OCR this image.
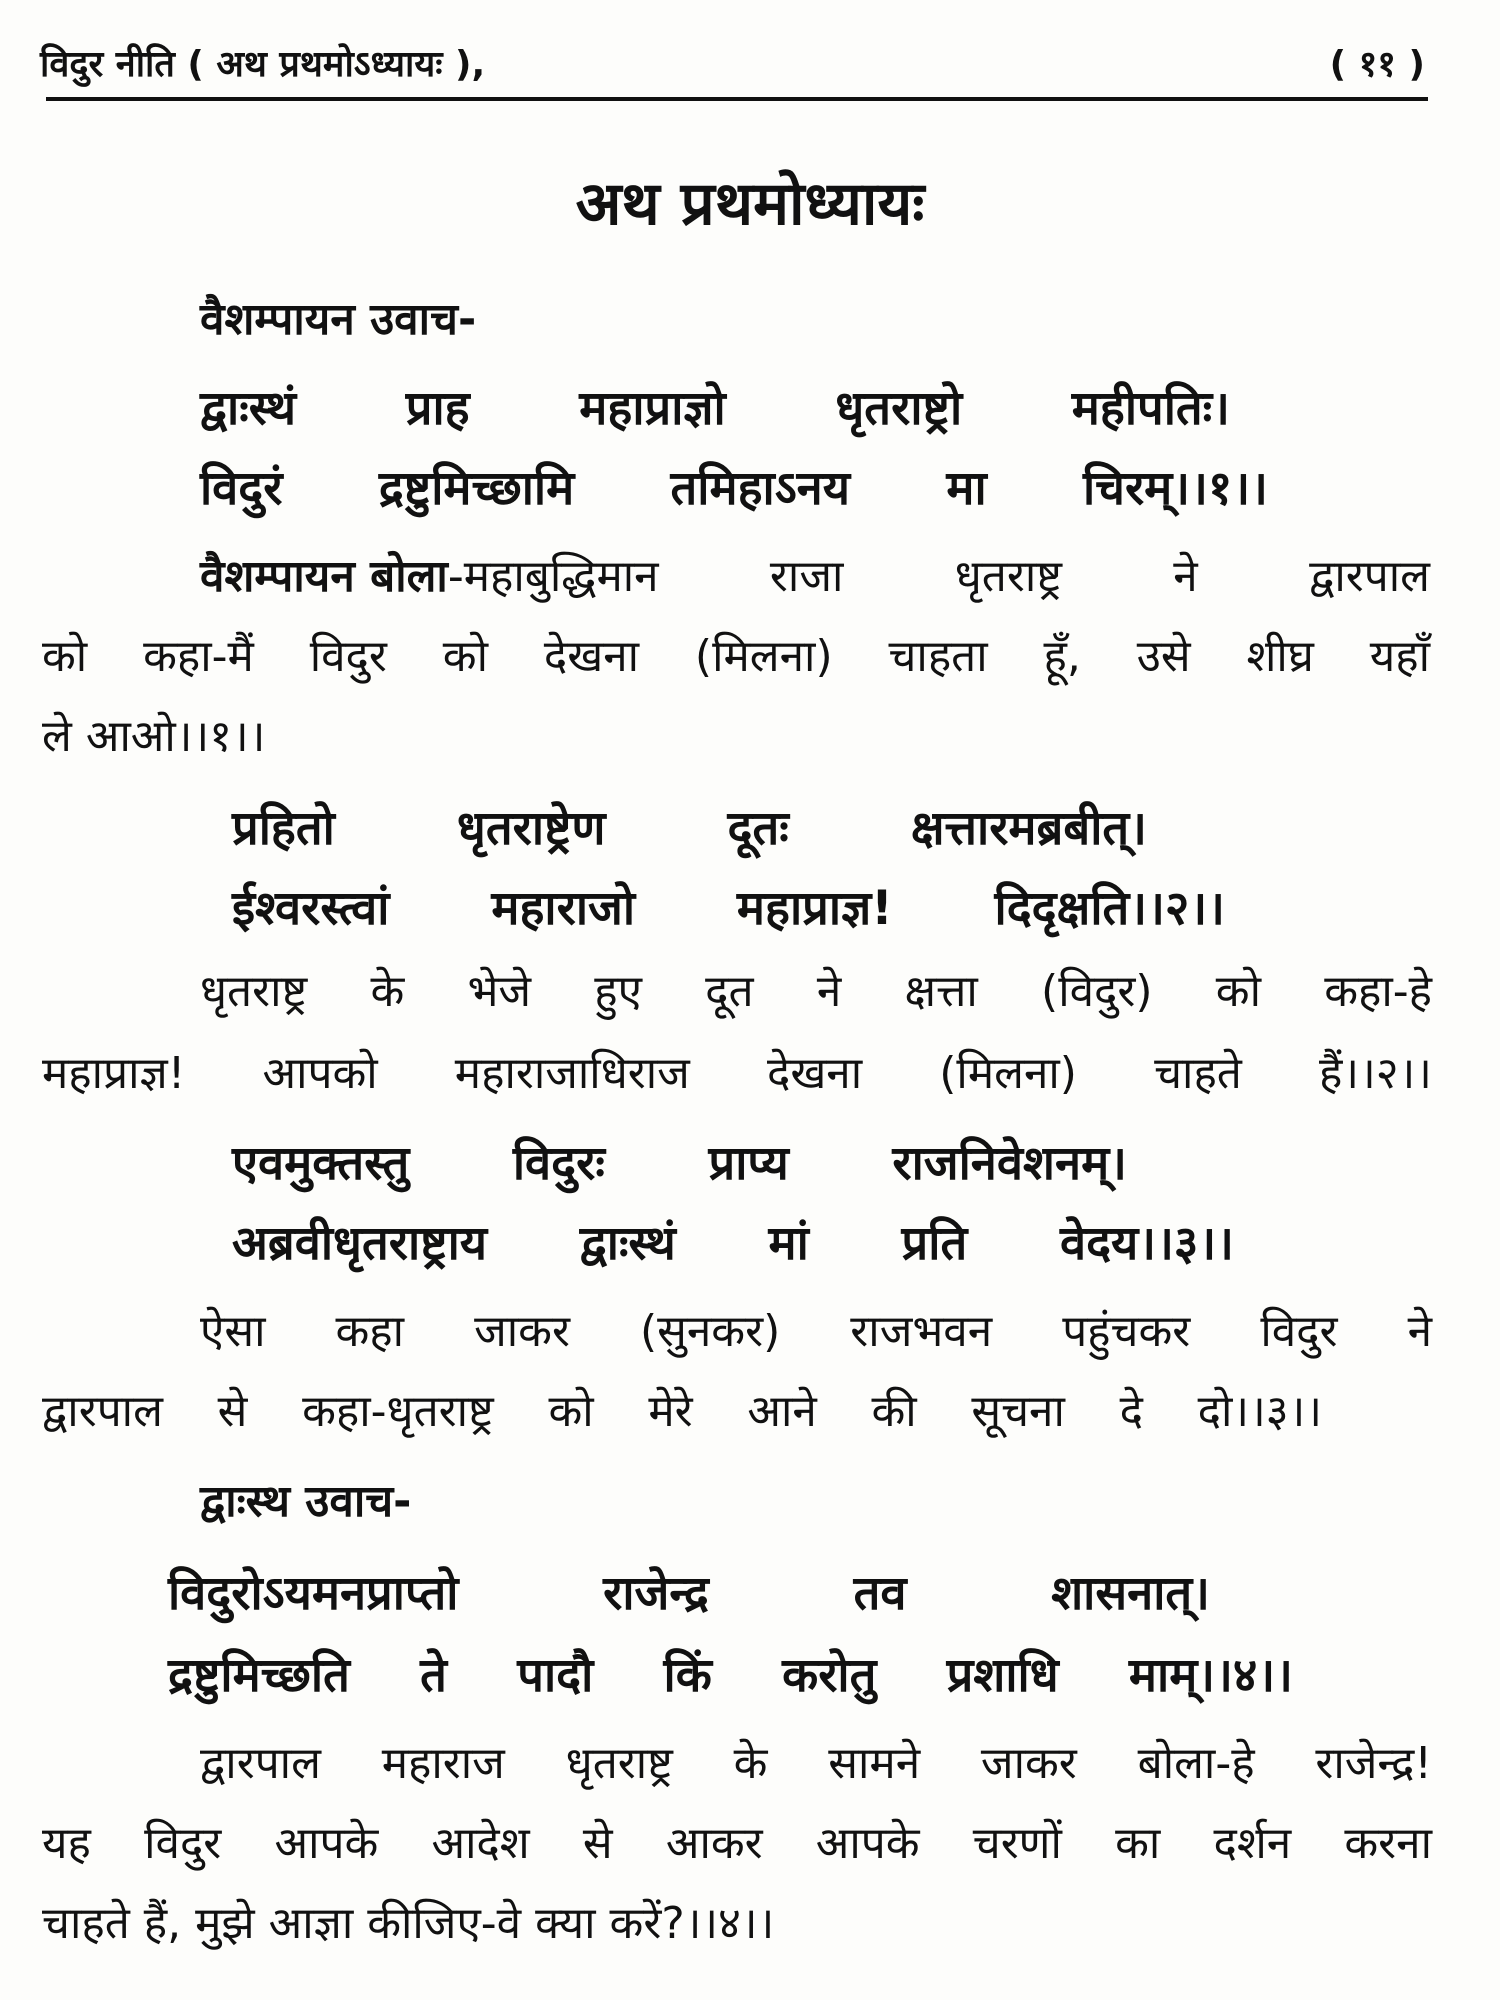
विदुर नीति ( अथ प्रथमोऽध्यायः ),	( ११ )
अथ प्रथमोध्यायः
वैशम्पायन उवाच-
द्वाःस्थं प्राह महाप्राज्ञो धृतराष्ट्रो महीपतिः।
विदुरं द्रष्टुमिच्छामि तमिहाऽनय मा चिरम्।।१।।
वैशम्पायन बोला -महाबुद्धिमान राजा धृतराष्ट्र ने द्वारपाल
को कहा-मैं विदुर को देखना (मिलना) चाहता हूँ, उसे शीघ्र यहाँ
ले आओ।।१।।
प्रहितो धृतराष्ट्रेण दूतः क्षत्तारमब्रबीत्।
ईश्वरस्त्वां महाराजो महाप्राज्ञ! दिदृक्षति।।२।।
धृतराष्ट्र के भेजे हुए दूत ने क्षत्ता (विदुर) को कहा-हे
महाप्राज्ञ! आपको महाराजाधिराज देखना (मिलना) चाहते हैं।।२।।
एवमुक्तस्तु विदुरः प्राप्य राजनिवेशनम्।
अब्रवीधृतराष्ट्राय द्वाःस्थं मां प्रति वेदय।।३।।
ऐसा कहा जाकर (सुनकर) राजभवन पहुंचकर विदुर ने
द्वारपाल से कहा-धृतराष्ट्र को मेरे आने की सूचना दे दो।।३।।
द्वाःस्थ उवाच-
विदुरोऽयमनप्राप्तो	राजेन्द्र	तव	शासनात्।
द्रष्टुमिच्छति ते पादौ किं करोतु प्रशाधि माम्।।४।।
द्वारपाल महाराज धृतराष्ट्र के सामने जाकर बोला-हे राजेन्द्र!
यह विदुर आपके आदेश से आकर आपके चरणों का दर्शन करना
चाहते हैं, मुझे आज्ञा कीजिए-वे क्या करें?।।४।।
